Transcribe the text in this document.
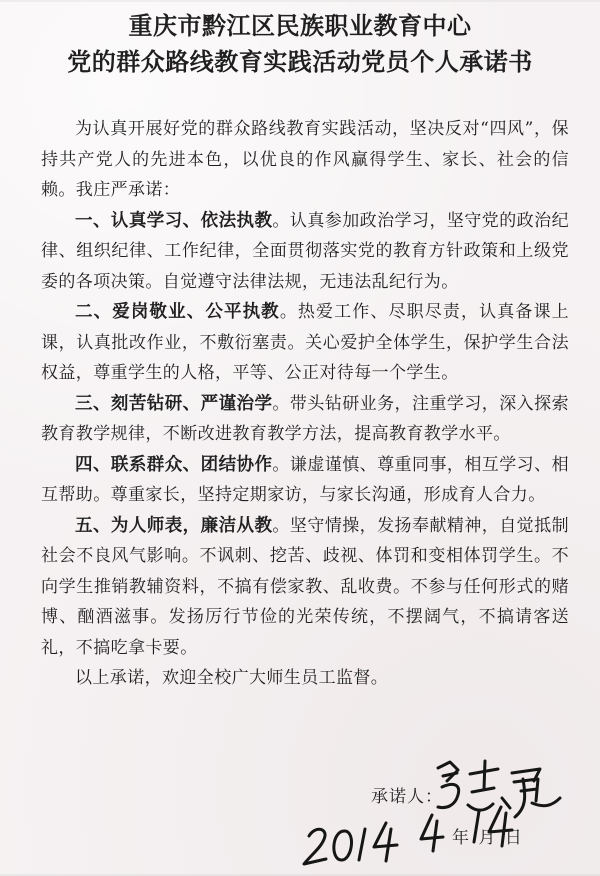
重庆市黔江区民族职业教育中心
党的群众路线教育实践活动党员个人承诺书

为认真开展好党的群众路线教育实践活动，坚决反对“四风”，保持共产党人的先进本色，以优良的作风赢得学生、家长、社会的信赖。我庄严承诺：

一、认真学习、依法执教。认真参加政治学习，坚守党的政治纪律、组织纪律、工作纪律，全面贯彻落实党的教育方针政策和上级党委的各项决策。自觉遵守法律法规，无违法乱纪行为。

二、爱岗敬业、公平执教。热爱工作、尽职尽责，认真备课上课，认真批改作业，不敷衍塞责。关心爱护全体学生，保护学生合法权益，尊重学生的人格，平等、公正对待每一个学生。

三、刻苦钻研、严谨治学。带头钻研业务，注重学习，深入探索教育教学规律，不断改进教育教学方法，提高教育教学水平。

四、联系群众、团结协作。谦虚谨慎、尊重同事，相互学习、相互帮助。尊重家长，坚持定期家访，与家长沟通，形成育人合力。

五、为人师表，廉洁从教。坚守情操，发扬奉献精神，自觉抵制社会不良风气影响。不讽刺、挖苦、歧视、体罚和变相体罚学生。不向学生推销教辅资料，不搞有偿家教、乱收费。不参与任何形式的赌博、酗酒滋事。发扬厉行节俭的光荣传统，不摆阔气，不搞请客送礼，不搞吃拿卡要。

以上承诺，欢迎全校广大师生员工监督。

承诺人：
年 月 日
